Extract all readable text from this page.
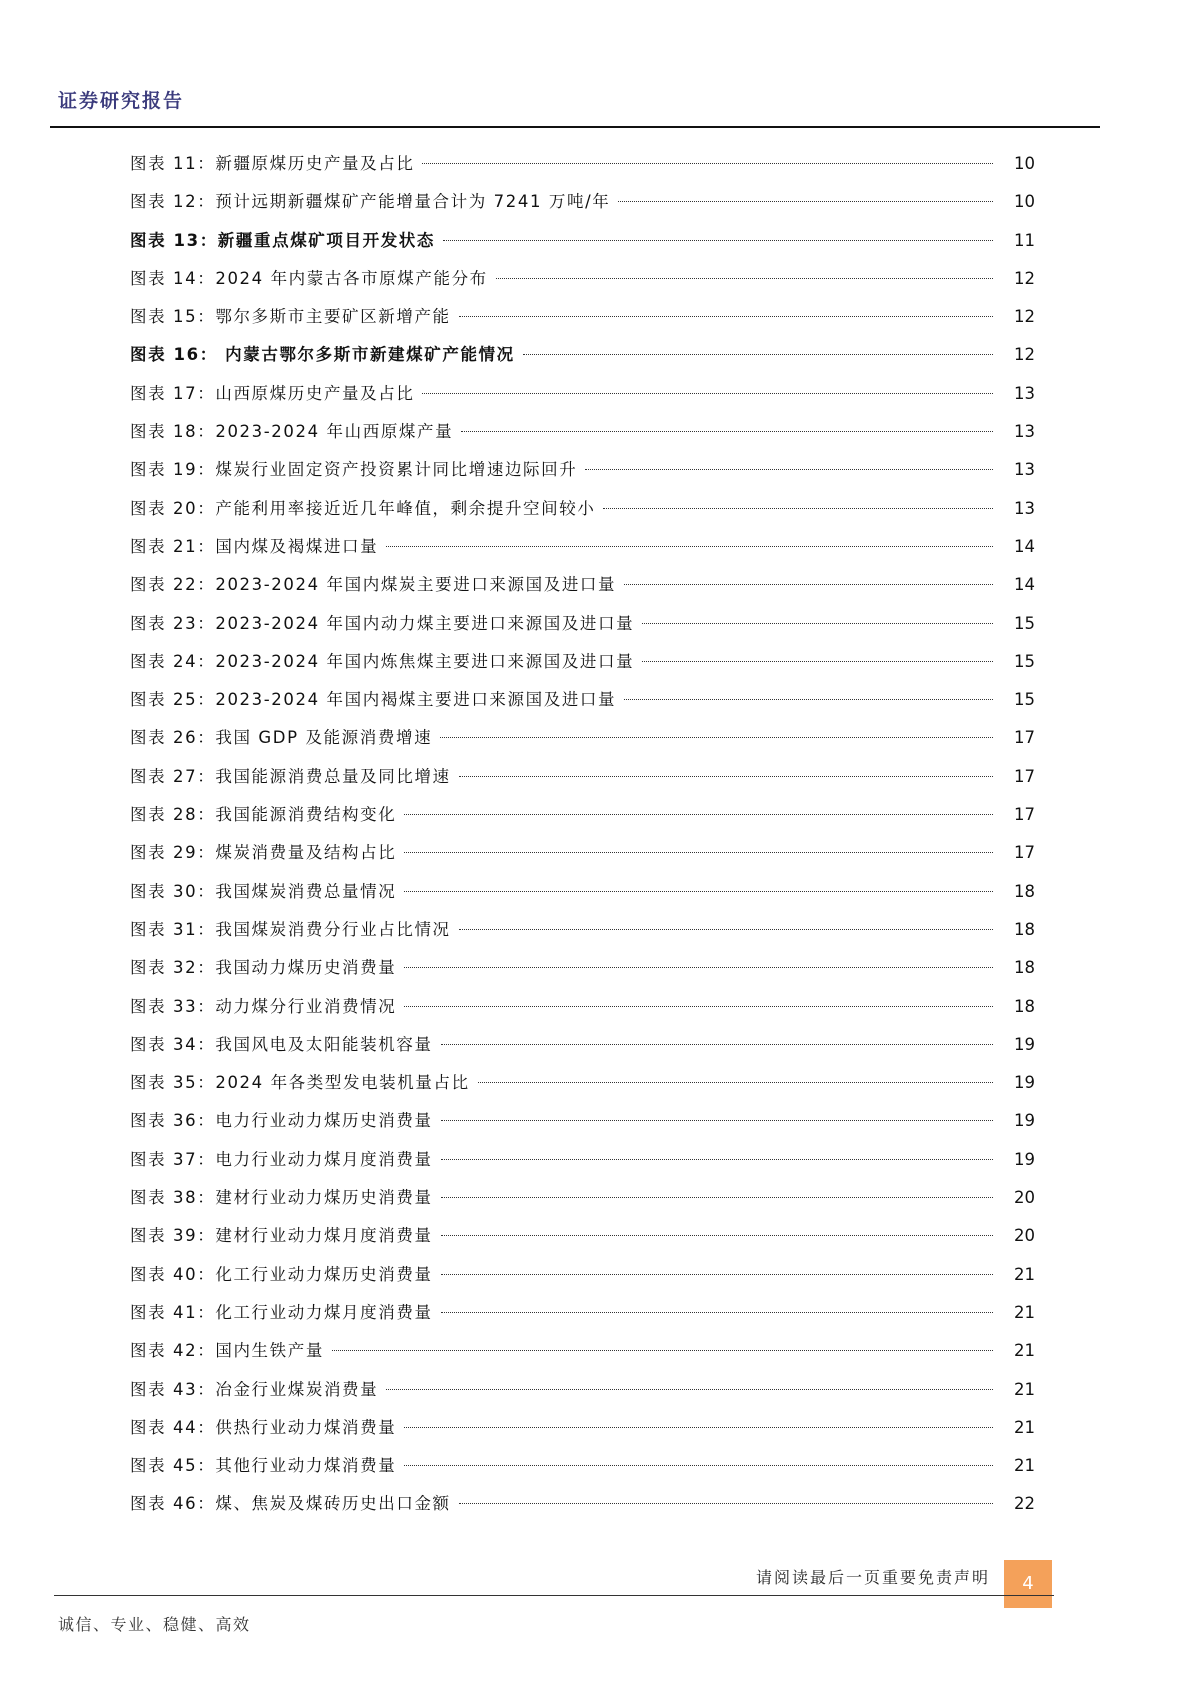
证券研究报告
图表 11：新疆原煤历史产量及占比	10
图表 12：预计远期新疆煤矿产能增量合计为 7241 万吨/年	10
图表 13：新疆重点煤矿项目开发状态	11
图表 14：2024 年内蒙古各市原煤产能分布	12
图表 15：鄂尔多斯市主要矿区新增产能	12
图表 16： 内蒙古鄂尔多斯市新建煤矿产能情况	12
图表 17：山西原煤历史产量及占比	13
图表 18：2023-2024 年山西原煤产量	13
图表 19：煤炭行业固定资产投资累计同比增速边际回升	13
图表 20：产能利用率接近近几年峰值，剩余提升空间较小	13
图表 21：国内煤及褐煤进口量	14
图表 22：2023-2024 年国内煤炭主要进口来源国及进口量	14
图表 23：2023-2024 年国内动力煤主要进口来源国及进口量	15
图表 24：2023-2024 年国内炼焦煤主要进口来源国及进口量	15
图表 25：2023-2024 年国内褐煤主要进口来源国及进口量	15
图表 26：我国 GDP 及能源消费增速	17
图表 27：我国能源消费总量及同比增速	17
图表 28：我国能源消费结构变化	17
图表 29：煤炭消费量及结构占比	17
图表 30：我国煤炭消费总量情况	18
图表 31：我国煤炭消费分行业占比情况	18
图表 32：我国动力煤历史消费量	18
图表 33：动力煤分行业消费情况	18
图表 34：我国风电及太阳能装机容量	19
图表 35：2024 年各类型发电装机量占比	19
图表 36：电力行业动力煤历史消费量	19
图表 37：电力行业动力煤月度消费量	19
图表 38：建材行业动力煤历史消费量	20
图表 39：建材行业动力煤月度消费量	20
图表 40：化工行业动力煤历史消费量	21
图表 41：化工行业动力煤月度消费量	21
图表 42：国内生铁产量	21
图表 43：冶金行业煤炭消费量	21
图表 44：供热行业动力煤消费量	21
图表 45：其他行业动力煤消费量	21
图表 46：煤、焦炭及煤砖历史出口金额	22
请阅读最后一页重要免责声明	4
诚信、专业、稳健、高效
